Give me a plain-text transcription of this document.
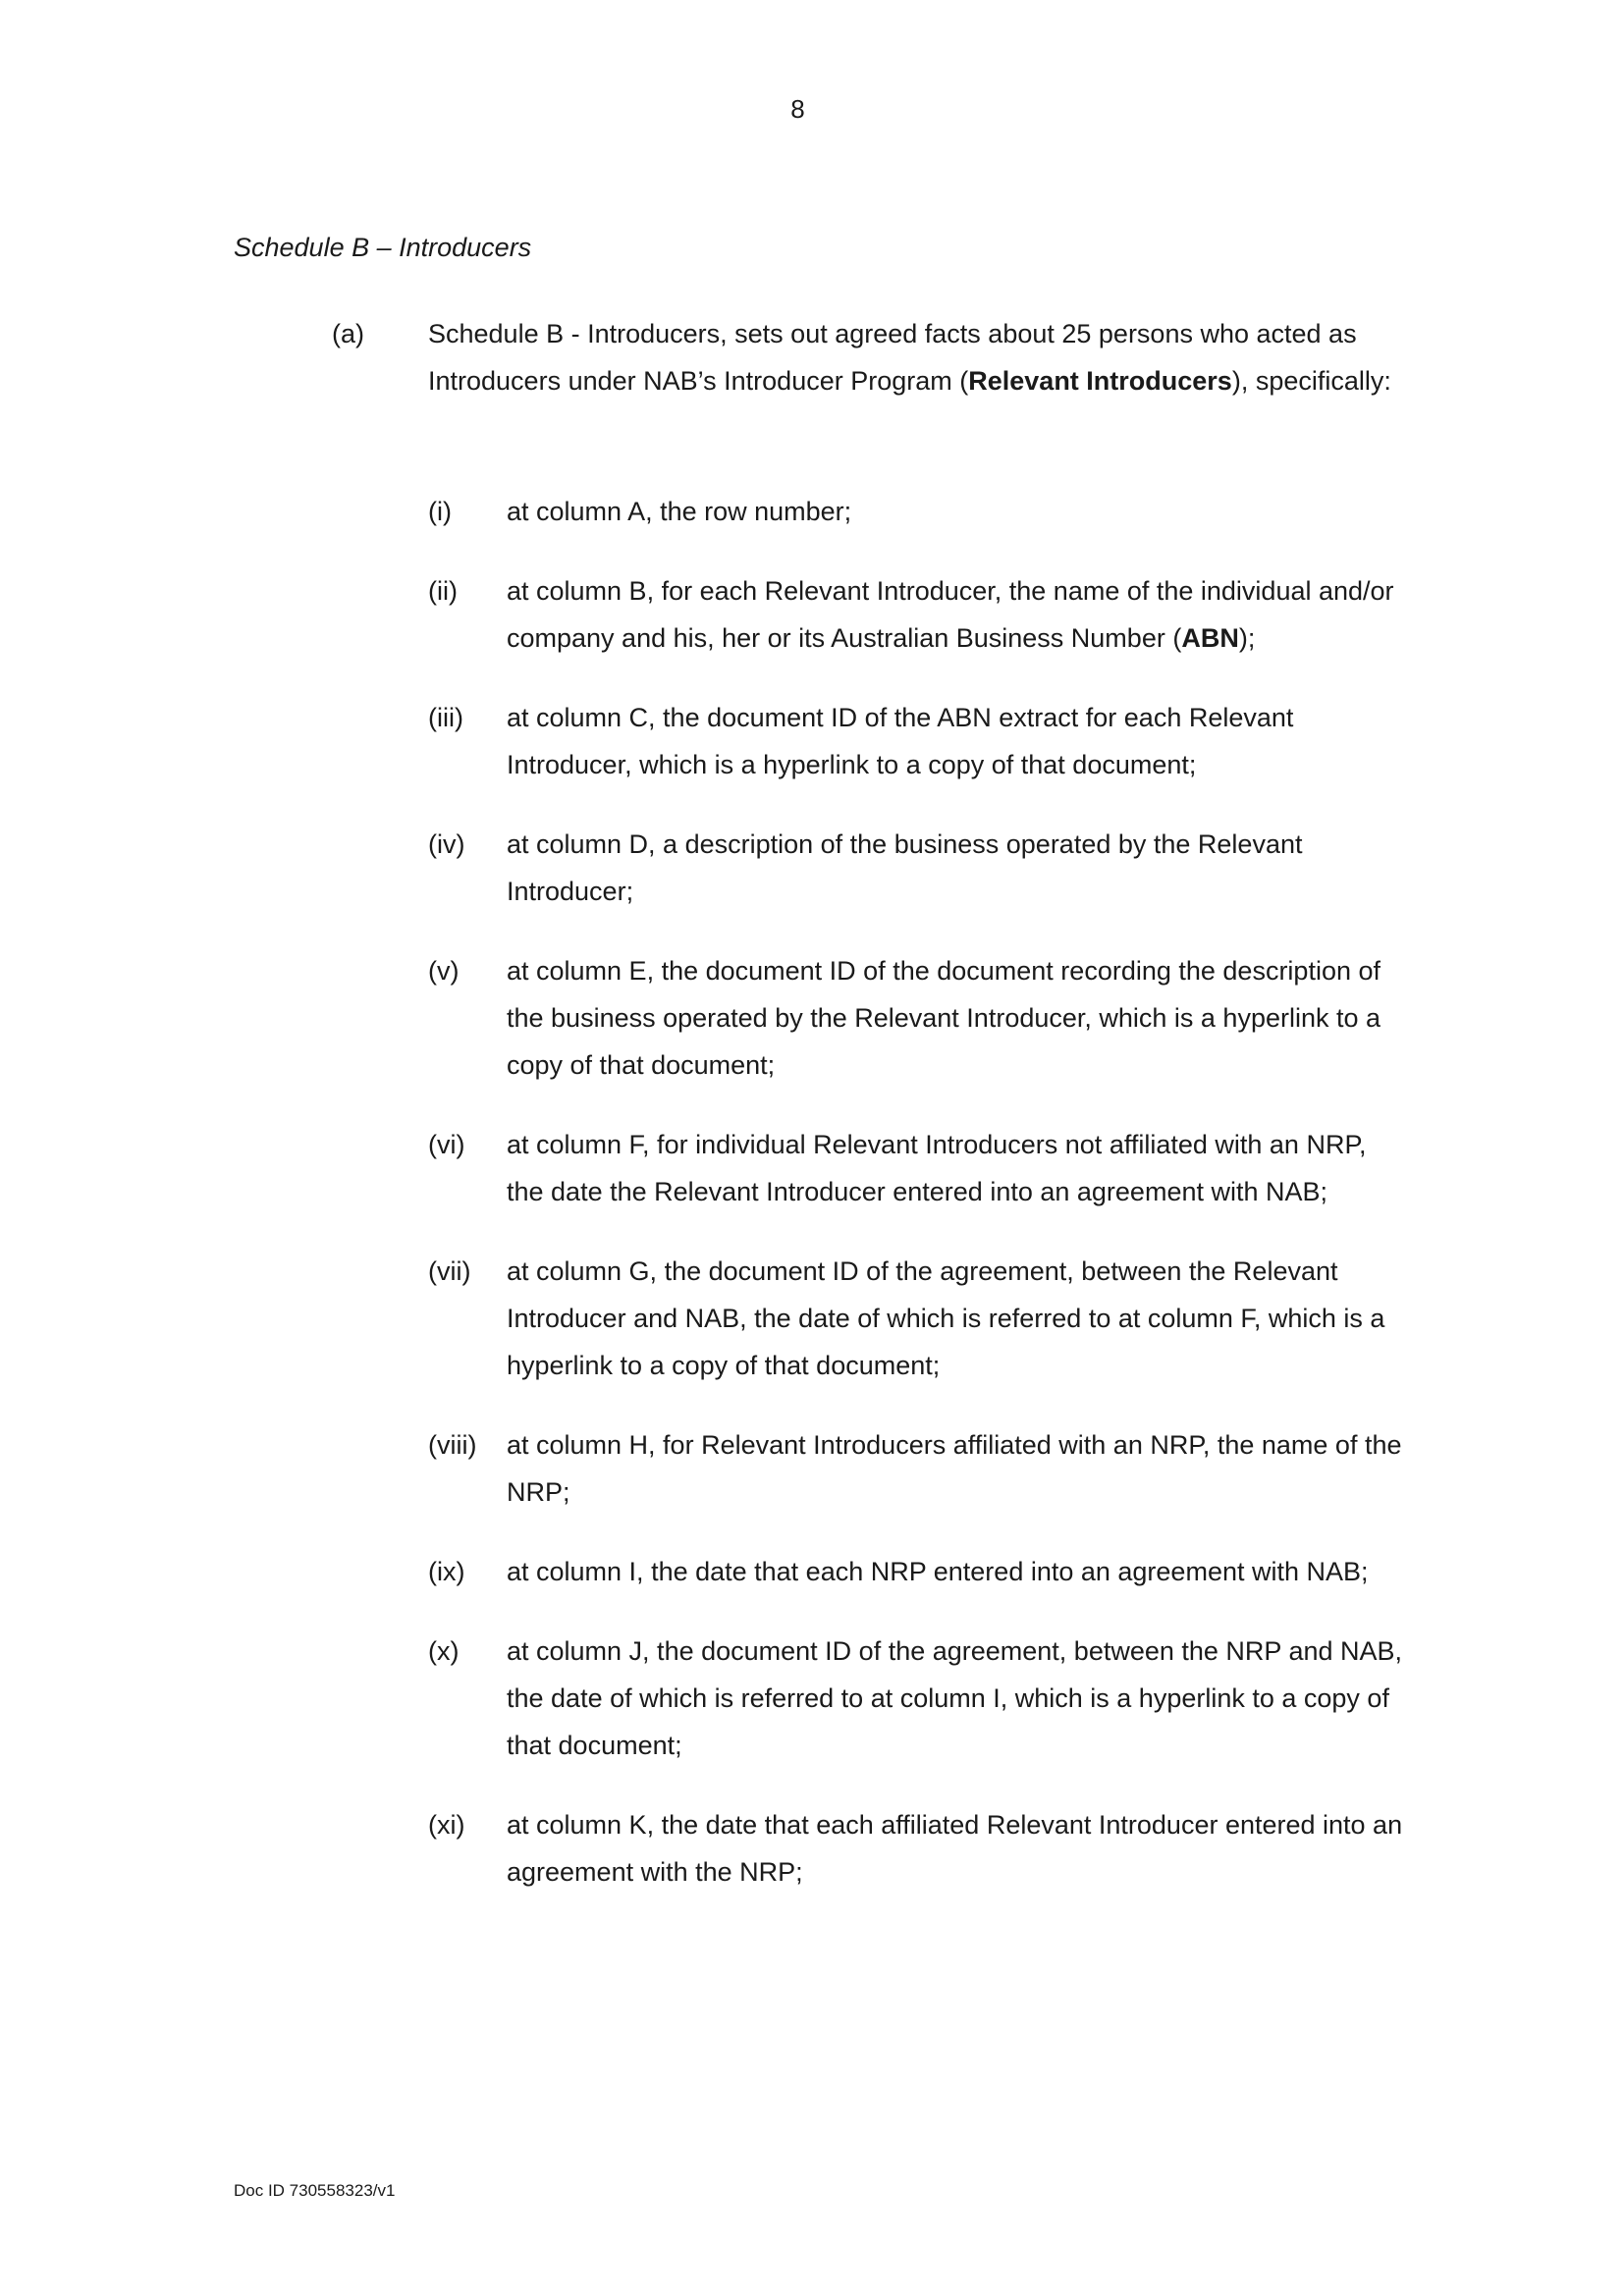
8
Schedule B – Introducers
(a) Schedule B - Introducers, sets out agreed facts about 25 persons who acted as Introducers under NAB’s Introducer Program (Relevant Introducers), specifically:
(i) at column A, the row number;
(ii) at column B, for each Relevant Introducer, the name of the individual and/or company and his, her or its Australian Business Number (ABN);
(iii) at column C, the document ID of the ABN extract for each Relevant Introducer, which is a hyperlink to a copy of that document;
(iv) at column D, a description of the business operated by the Relevant Introducer;
(v) at column E, the document ID of the document recording the description of the business operated by the Relevant Introducer, which is a hyperlink to a copy of that document;
(vi) at column F, for individual Relevant Introducers not affiliated with an NRP, the date the Relevant Introducer entered into an agreement with NAB;
(vii) at column G, the document ID of the agreement, between the Relevant Introducer and NAB, the date of which is referred to at column F, which is a hyperlink to a copy of that document;
(viii) at column H, for Relevant Introducers affiliated with an NRP, the name of the NRP;
(ix) at column I, the date that each NRP entered into an agreement with NAB;
(x) at column J, the document ID of the agreement, between the NRP and NAB, the date of which is referred to at column I, which is a hyperlink to a copy of that document;
(xi) at column K, the date that each affiliated Relevant Introducer entered into an agreement with the NRP;
Doc ID 730558323/v1
